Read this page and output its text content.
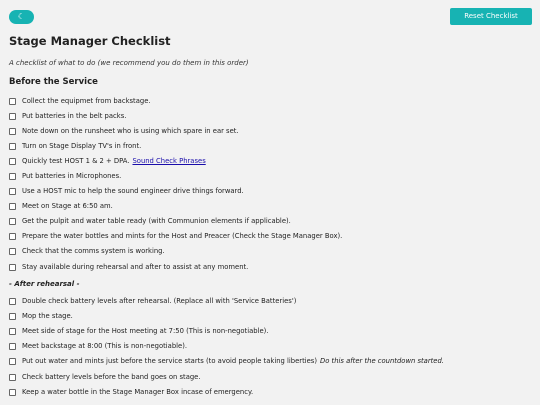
☾	Reset Checklist
Stage Manager Checklist

A checklist of what to do (we recommend you do them in this order)

Before the Service
Collect the equipmet from backstage.
Put batteries in the belt packs.
Note down on the runsheet who is using which spare in ear set.
Turn on Stage Display TV's in front.
Quickly test HOST 1 & 2 + DPA. Sound Check Phrases
Put batteries in Microphones.
Use a HOST mic to help the sound engineer drive things forward.
Meet on Stage at 6:50 am.
Get the pulpit and water table ready (with Communion elements if applicable).
Prepare the water bottles and mints for the Host and Preacer (Check the Stage Manager Box).
Check that the comms system is working.
Stay available during rehearsal and after to assist at any moment.

- After rehearsal -

Double check battery levels after rehearsal. (Replace all with 'Service Batteries')
Mop the stage.
Meet side of stage for the Host meeting at 7:50 (This is non-negotiable).
Meet backstage at 8:00 (This is non-negotiable).
Put out water and mints just before the service starts (to avoid people taking liberties) Do this after the countdown started.
Check battery levels before the band goes on stage.
Keep a water bottle in the Stage Manager Box incase of emergency.
